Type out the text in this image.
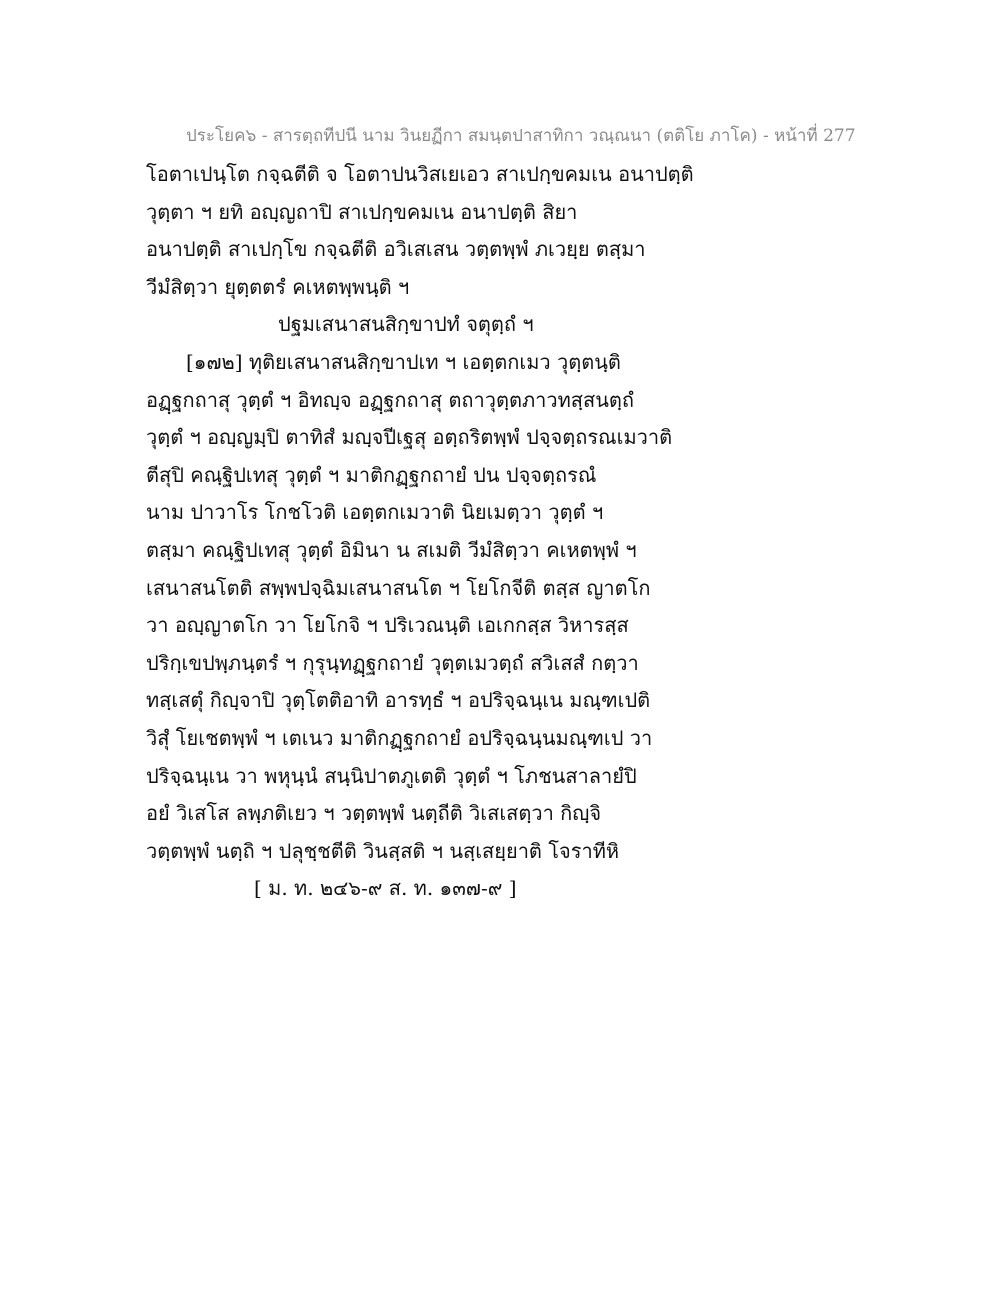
ประโยค๖ - สารตฺถทีปนี นาม วินยฏีกา สมนฺตปาสาทิกา วณฺณนา (ตติโย ภาโค) - หน้าที่ 277
โอตาเปนฺโต กจฺฉตีติ จ โอตาปนวิสเยเอว สาเปกฺขคมเน อนาปตฺติ
วุตฺตา ฯ ยทิ อญฺญถาปิ สาเปกฺขคมเน อนาปตฺติ สิยา
อนาปตฺติ สาเปกฺโข กจฺฉตีติ อวิเสเสน วตฺตพฺพํ ภเวยฺย ตสฺมา
วีมํสิตฺวา ยุตฺตตรํ คเหตพฺพนฺติ ฯ
ปฐมเสนาสนสิกฺขาปทํ จตุตฺถํ ฯ
[๑๗๒] ทุติยเสนาสนสิกฺขาปเท ฯ เอตฺตกเมว วุตฺตนฺติ
อฏฺฐกถาสุ วุตฺตํ ฯ อิทญฺจ อฏฺฐกถาสุ ตถาวุตฺตภาวทสฺสนตฺถํ
วุตฺตํ ฯ อญฺญมฺปิ ตาทิสํ มญฺจปีเฐสุ อตฺถริตพฺพํ ปจฺจตฺถรณเมวาติ
ตีสุปิ คณฺฐิปเทสุ วุตฺตํ ฯ มาติกฏฺฐกถายํ ปน ปจฺจตฺถรณํ
นาม ปาวาโร โกชโวติ เอตฺตกเมวาติ นิยเมตฺวา วุตฺตํ ฯ
ตสฺมา คณฺฐิปเทสุ วุตฺตํ อิมินา น สเมติ วีมํสิตฺวา คเหตพฺพํ ฯ
เสนาสนโตติ สพฺพปจฺฉิมเสนาสนโต ฯ โยโกจีติ ตสฺส ญาตโก
วา อญฺญาตโก วา โยโกจิ ฯ ปริเวณนฺติ เอเกกสฺส วิหารสฺส
ปริกฺเขปพฺภนฺตรํ ฯ กุรุนฺทฏฺฐกถายํ วุตฺตเมวตฺถํ สวิเสสํ กตฺวา
ทสฺเสตุํ กิญฺจาปิ วุตฺโตติอาทิ อารทฺธํ ฯ อปริจฺฉนฺเน มณฺฑเปติ
วิสุํ โยเชตพฺพํ ฯ เตเนว มาติกฏฺฐกถายํ อปริจฺฉนฺนมณฺฑเป วา
ปริจฺฉนฺเน วา พหุนฺนํ สนฺนิปาตภูเตติ วุตฺตํ ฯ โภชนสาลายํปิ
อยํ วิเสโส ลพฺภติเยว ฯ วตฺตพฺพํ นตฺถีติ วิเสเสตฺวา กิญฺจิ
วตฺตพฺพํ นตฺถิ ฯ ปลุชฺชตีติ วินสฺสติ ฯ นสฺเสยฺยาติ โจราทีหิ
[ ม. ท. ๒๔๖-๙ ส. ท. ๑๓๗-๙ ]
